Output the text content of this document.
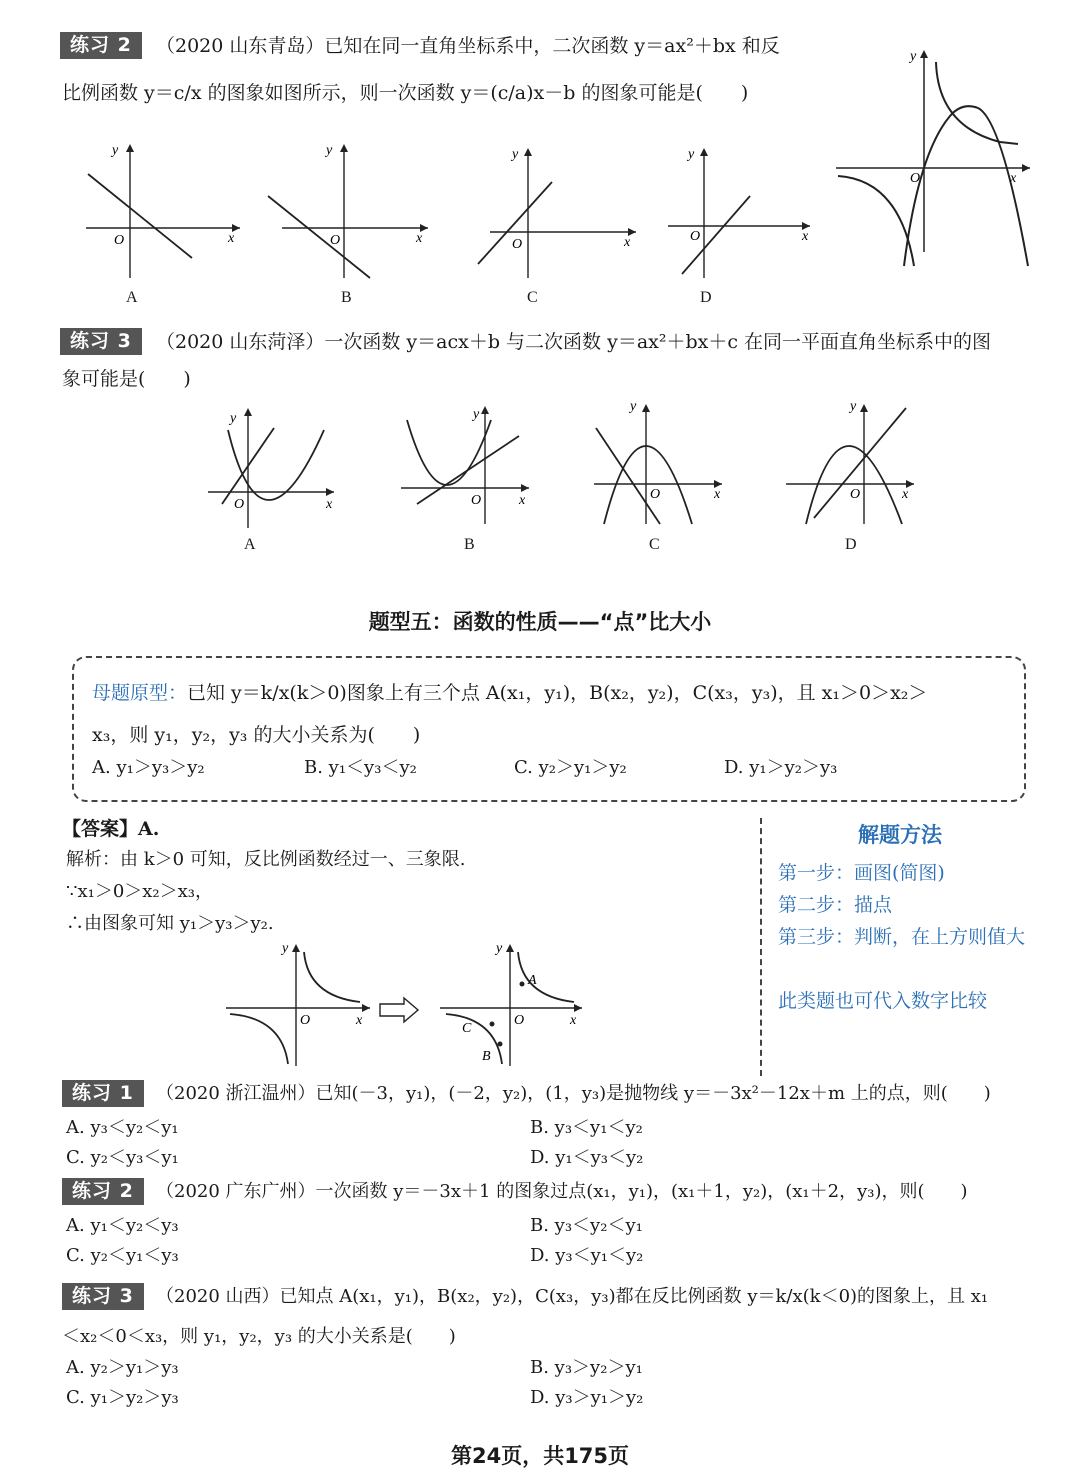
练习 2	（2020 山东青岛）已知在同一直角坐标系中，二次函数 y＝ax²＋bx 和反
比例函数 y＝c/x 的图象如图所示，则一次函数 y＝(c/a)x－b 的图象可能是(　　)
y
x
O
y
x
O
y
x
O
y
x
O
y
x
O
A	B	C	D
练习 3	（2020 山东菏泽）一次函数 y＝acx＋b 与二次函数 y＝ax²＋bx＋c 在同一平面直角坐标系中的图
象可能是(　　)
y
x
O
y
x
O
y
x
O
y
x
O
A	B	C	D
题型五：函数的性质——“点”比大小
母题原型：已知 y＝k/x(k＞0)图象上有三个点 A(x₁，y₁)，B(x₂，y₂)，C(x₃，y₃)，且 x₁＞0＞x₂＞
x₃，则 y₁，y₂，y₃ 的大小关系为(　　)
A. y₁＞y₃＞y₂	B. y₁＜y₃＜y₂	C. y₂＞y₁＞y₂	D. y₁＞y₂＞y₃
【答案】A.
解析：由 k＞0 可知，反比例函数经过一、三象限.
∵x₁＞0＞x₂＞x₃，
∴由图象可知 y₁＞y₃＞y₂.
y
x
O
y
x
O
A
C
B
解题方法
第一步：画图(简图)
第二步：描点
第三步：判断，在上方则值大
此类题也可代入数字比较
练习 1	（2020 浙江温州）已知(－3，y₁)，(－2，y₂)，(1，y₃)是抛物线 y＝－3x²－12x＋m 上的点，则(　　)
A. y₃＜y₂＜y₁	B. y₃＜y₁＜y₂
C. y₂＜y₃＜y₁	D. y₁＜y₃＜y₂
练习 2	（2020 广东广州）一次函数 y＝－3x＋1 的图象过点(x₁，y₁)，(x₁＋1，y₂)，(x₁＋2，y₃)，则(　　)
A. y₁＜y₂＜y₃	B. y₃＜y₂＜y₁
C. y₂＜y₁＜y₃	D. y₃＜y₁＜y₂
练习 3	（2020 山西）已知点 A(x₁，y₁)，B(x₂，y₂)，C(x₃，y₃)都在反比例函数 y＝k/x(k＜0)的图象上，且 x₁
＜x₂＜0＜x₃，则 y₁，y₂，y₃ 的大小关系是(　　)
A. y₂＞y₁＞y₃	B. y₃＞y₂＞y₁
C. y₁＞y₂＞y₃	D. y₃＞y₁＞y₂
第24页，共175页
